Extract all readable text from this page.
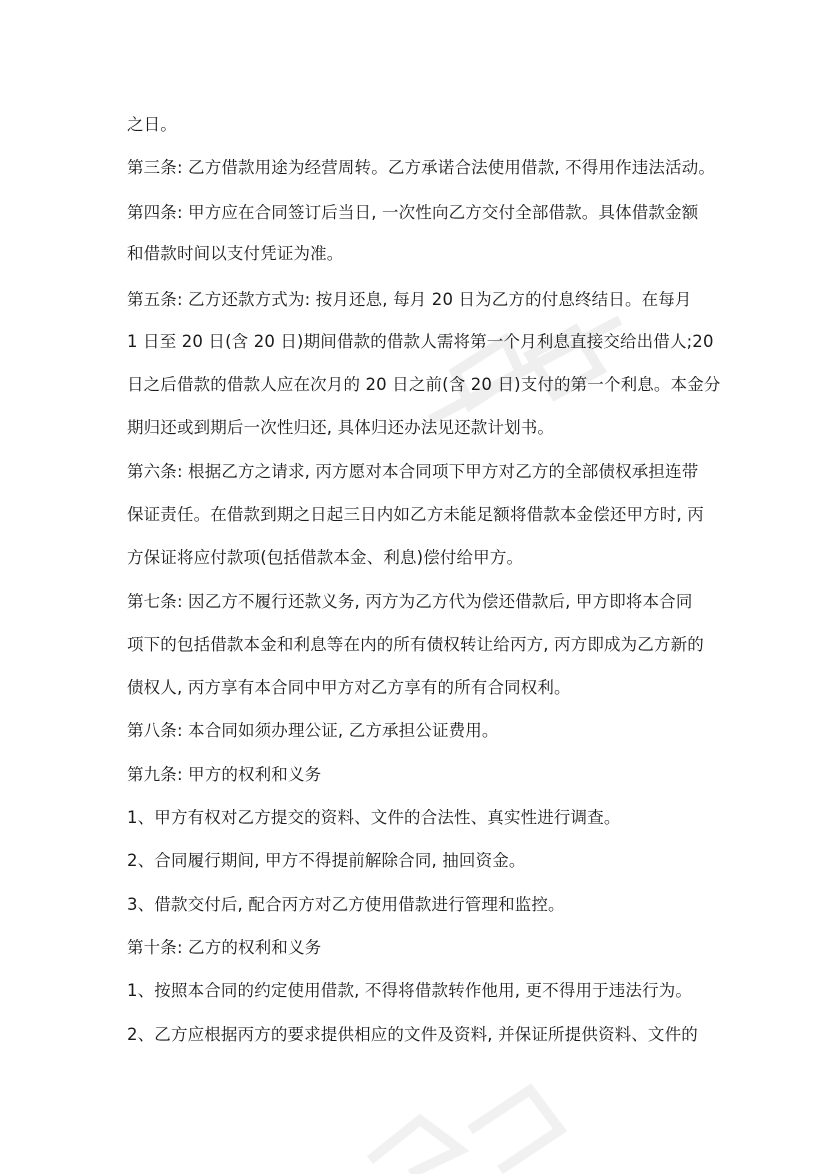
之日。

第三条: 乙方借款用途为经营周转。乙方承诺合法使用借款, 不得用作违法活动。

第四条: 甲方应在合同签订后当日, 一次性向乙方交付全部借款。具体借款金额

和借款时间以支付凭证为准。

第五条: 乙方还款方式为: 按月还息, 每月 20 日为乙方的付息终结日。在每月

1 日至 20 日(含 20 日)期间借款的借款人需将第一个月利息直接交给出借人;20

日之后借款的借款人应在次月的 20 日之前(含 20 日)支付的第一个利息。本金分

期归还或到期后一次性归还, 具体归还办法见还款计划书。

第六条: 根据乙方之请求, 丙方愿对本合同项下甲方对乙方的全部债权承担连带

保证责任。在借款到期之日起三日内如乙方未能足额将借款本金偿还甲方时, 丙

方保证将应付款项(包括借款本金、利息)偿付给甲方。

第七条: 因乙方不履行还款义务, 丙方为乙方代为偿还借款后, 甲方即将本合同

项下的包括借款本金和利息等在内的所有债权转让给丙方, 丙方即成为乙方新的

债权人, 丙方享有本合同中甲方对乙方享有的所有合同权利。

第八条: 本合同如须办理公证, 乙方承担公证费用。

第九条: 甲方的权利和义务

1、甲方有权对乙方提交的资料、文件的合法性、真实性进行调查。

2、合同履行期间, 甲方不得提前解除合同, 抽回资金。

3、借款交付后, 配合丙方对乙方使用借款进行管理和监控。

第十条: 乙方的权利和义务

1、按照本合同的约定使用借款, 不得将借款转作他用, 更不得用于违法行为。

2、乙方应根据丙方的要求提供相应的文件及资料, 并保证所提供资料、文件的
